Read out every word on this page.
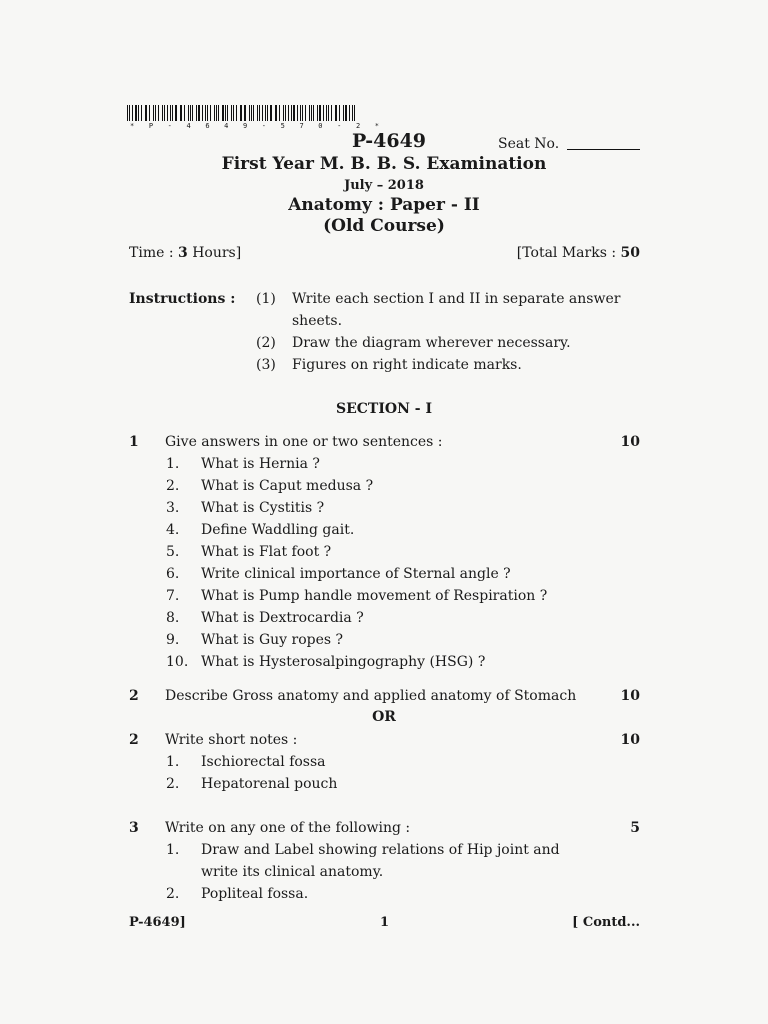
* P - 4 6 4 9 - 5 7 0 - 2 *
P-4649	Seat No.
First Year M. B. B. S. Examination
July – 2018
Anatomy : Paper - II
(Old Course)
Time : 3 Hours]	[Total Marks : 50
Instructions : (1) Write each section I and II in separate answer
sheets.
(2) Draw the diagram wherever necessary.
(3) Figures on right indicate marks.
SECTION - I
1 Give answers in one or two sentences :	10
1. What is Hernia ?
2. What is Caput medusa ?
3. What is Cystitis ?
4. Define Waddling gait.
5. What is Flat foot ?
6. Write clinical importance of Sternal angle ?
7. What is Pump handle movement of Respiration ?
8. What is Dextrocardia ?
9. What is Guy ropes ?
10. What is Hysterosalpingography (HSG) ?
2 Describe Gross anatomy and applied anatomy of Stomach	10
OR
2 Write short notes :	10
1. Ischiorectal fossa
2. Hepatorenal pouch
3 Write on any one of the following :	5
1. Draw and Label showing relations of Hip joint and
write its clinical anatomy.
2. Popliteal fossa.
P-4649]	1	[ Contd...
